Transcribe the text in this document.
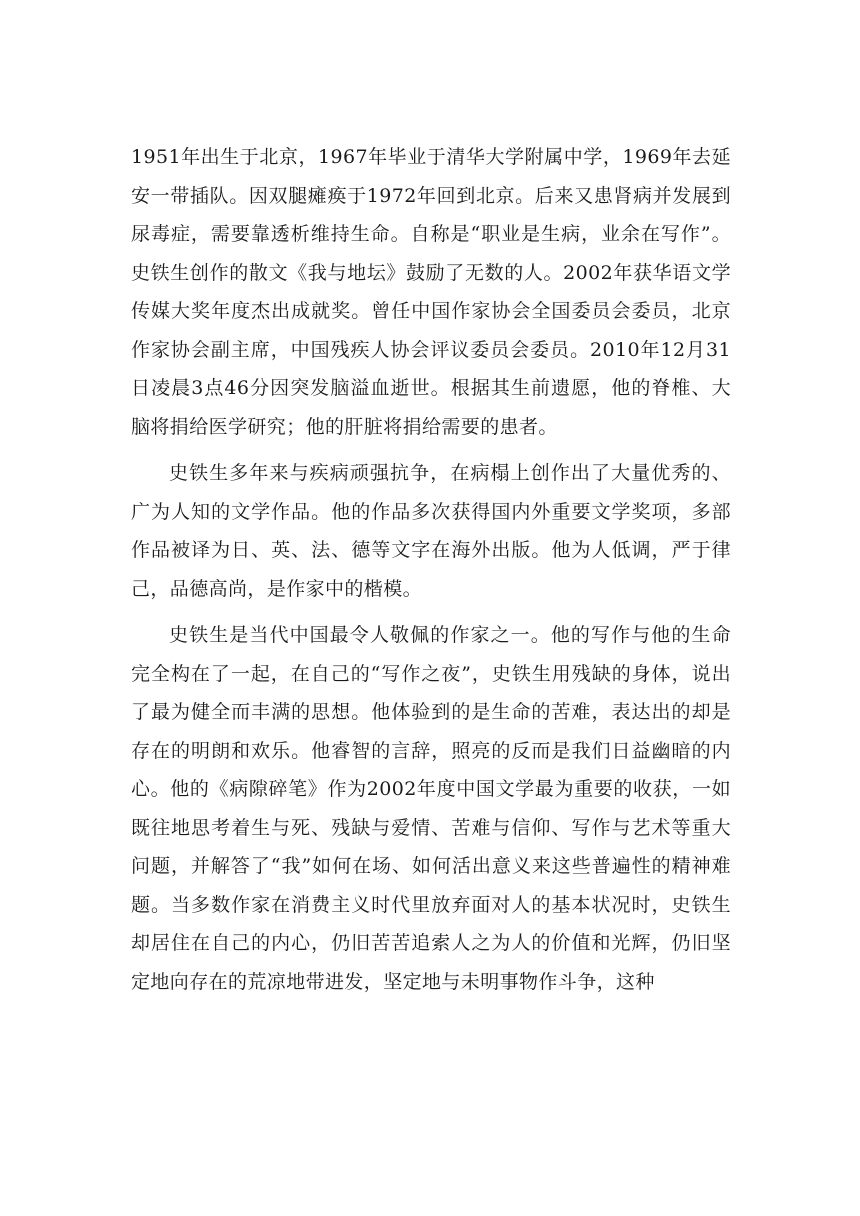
1951年出生于北京，1967年毕业于清华大学附属中学，1969年去延安一带插队。因双腿瘫痪于1972年回到北京。后来又患肾病并发展到尿毒症，需要靠透析维持生命。自称是“职业是生病，业余在写作”。史铁生创作的散文《我与地坛》鼓励了无数的人。2002年获华语文学传媒大奖年度杰出成就奖。曾任中国作家协会全国委员会委员，北京作家协会副主席，中国残疾人协会评议委员会委员。2010年12月31日凌晨3点46分因突发脑溢血逝世。根据其生前遗愿，他的脊椎、大脑将捐给医学研究；他的肝脏将捐给需要的患者。

史铁生多年来与疾病顽强抗争，在病榻上创作出了大量优秀的、广为人知的文学作品。他的作品多次获得国内外重要文学奖项，多部作品被译为日、英、法、德等文字在海外出版。他为人低调，严于律己，品德高尚，是作家中的楷模。

史铁生是当代中国最令人敬佩的作家之一。他的写作与他的生命完全构在了一起，在自己的“写作之夜”，史铁生用残缺的身体，说出了最为健全而丰满的思想。他体验到的是生命的苦难，表达出的却是存在的明朗和欢乐。他睿智的言辞，照亮的反而是我们日益幽暗的内心。他的《病隙碎笔》作为2002年度中国文学最为重要的收获，一如既往地思考着生与死、残缺与爱情、苦难与信仰、写作与艺术等重大问题，并解答了“我”如何在场、如何活出意义来这些普遍性的精神难题。当多数作家在消费主义时代里放弃面对人的基本状况时，史铁生却居住在自己的内心，仍旧苦苦追索人之为人的价值和光辉，仍旧坚定地向存在的荒凉地带进发，坚定地与未明事物作斗争，这种
